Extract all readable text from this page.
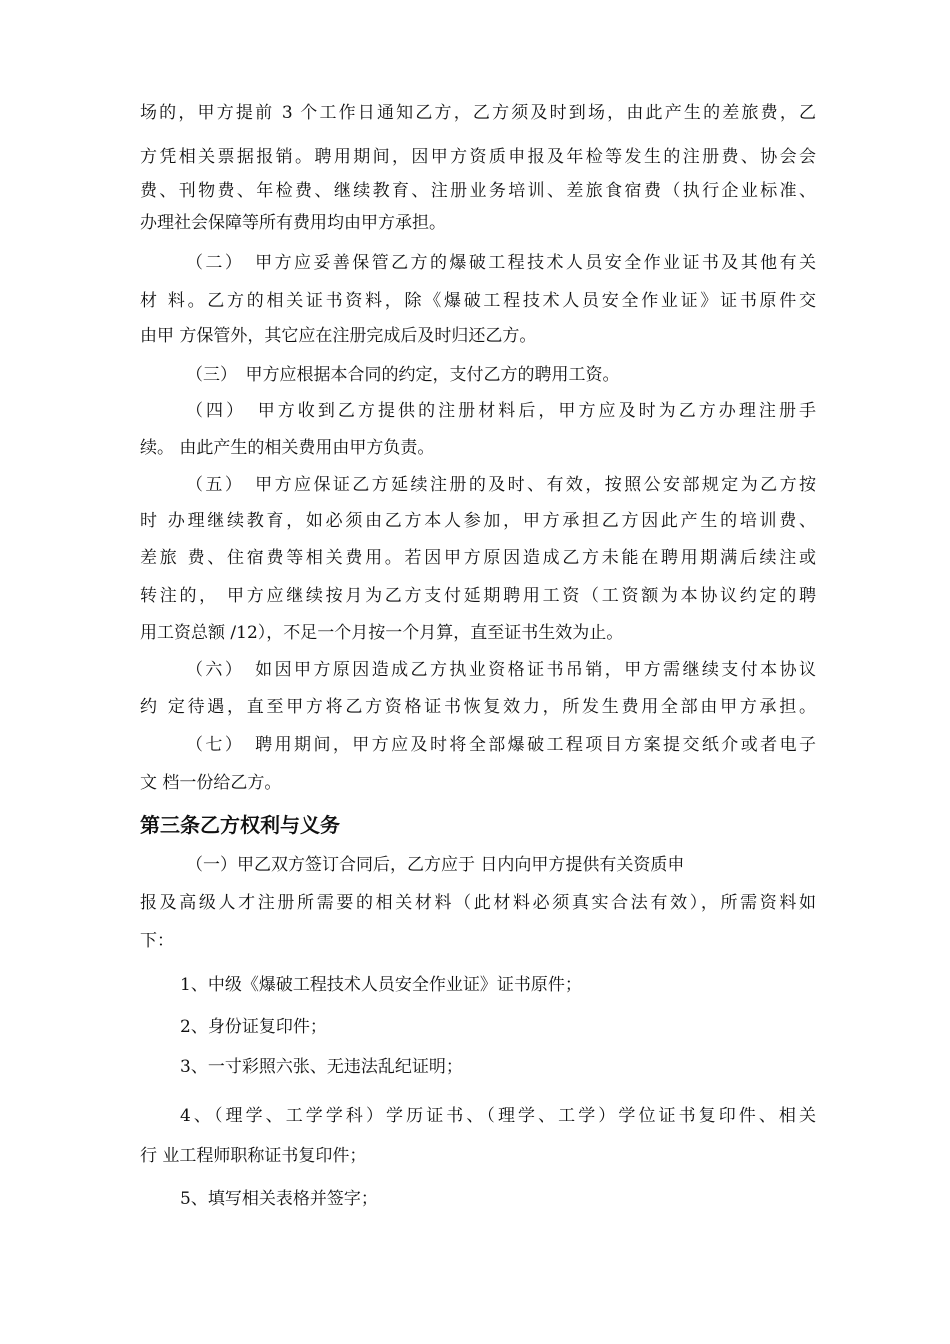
场的，甲方提前 3 个工作日通知乙方，乙方须及时到场，由此产生的差旅费，乙
方凭相关票据报销。聘用期间，因甲方资质申报及年检等发生的注册费、协会会
费、刊物费、年检费、继续教育、注册业务培训、差旅食宿费（执行企业标准、
办理社会保障等所有费用均由甲方承担。
（二）　甲方应妥善保管乙方的爆破工程技术人员安全作业证书及其他有关
材 料。乙方的相关证书资料，除《爆破工程技术人员安全作业证》证书原件交
由甲 方保管外，其它应在注册完成后及时归还乙方。
（三）　甲方应根据本合同的约定，支付乙方的聘用工资。
（四）　甲方收到乙方提供的注册材料后，甲方应及时为乙方办理注册手
续。 由此产生的相关费用由甲方负责。
（五）　甲方应保证乙方延续注册的及时、有效，按照公安部规定为乙方按
时 办理继续教育，如必须由乙方本人参加，甲方承担乙方因此产生的培训费、
差旅 费、住宿费等相关费用。若因甲方原因造成乙方未能在聘用期满后续注或
转注的， 甲方应继续按月为乙方支付延期聘用工资（工资额为本协议约定的聘
用工资总额 /12），不足一个月按一个月算，直至证书生效为止。
（六）　如因甲方原因造成乙方执业资格证书吊销，甲方需继续支付本协议
约 定待遇，直至甲方将乙方资格证书恢复效力，所发生费用全部由甲方承担。
（七）　聘用期间，甲方应及时将全部爆破工程项目方案提交纸介或者电子
文 档一份给乙方。
第三条乙方权利与义务
（一）甲乙双方签订合同后，乙方应于 日内向甲方提供有关资质申
报及高级人才注册所需要的相关材料（此材料必须真实合法有效），所需资料如
下：
1、中级《爆破工程技术人员安全作业证》证书原件；
2、身份证复印件；
3、一寸彩照六张、无违法乱纪证明；
4、（理学、工学学科）学历证书、（理学、工学）学位证书复印件、相关
行 业工程师职称证书复印件；
5、填写相关表格并签字；
